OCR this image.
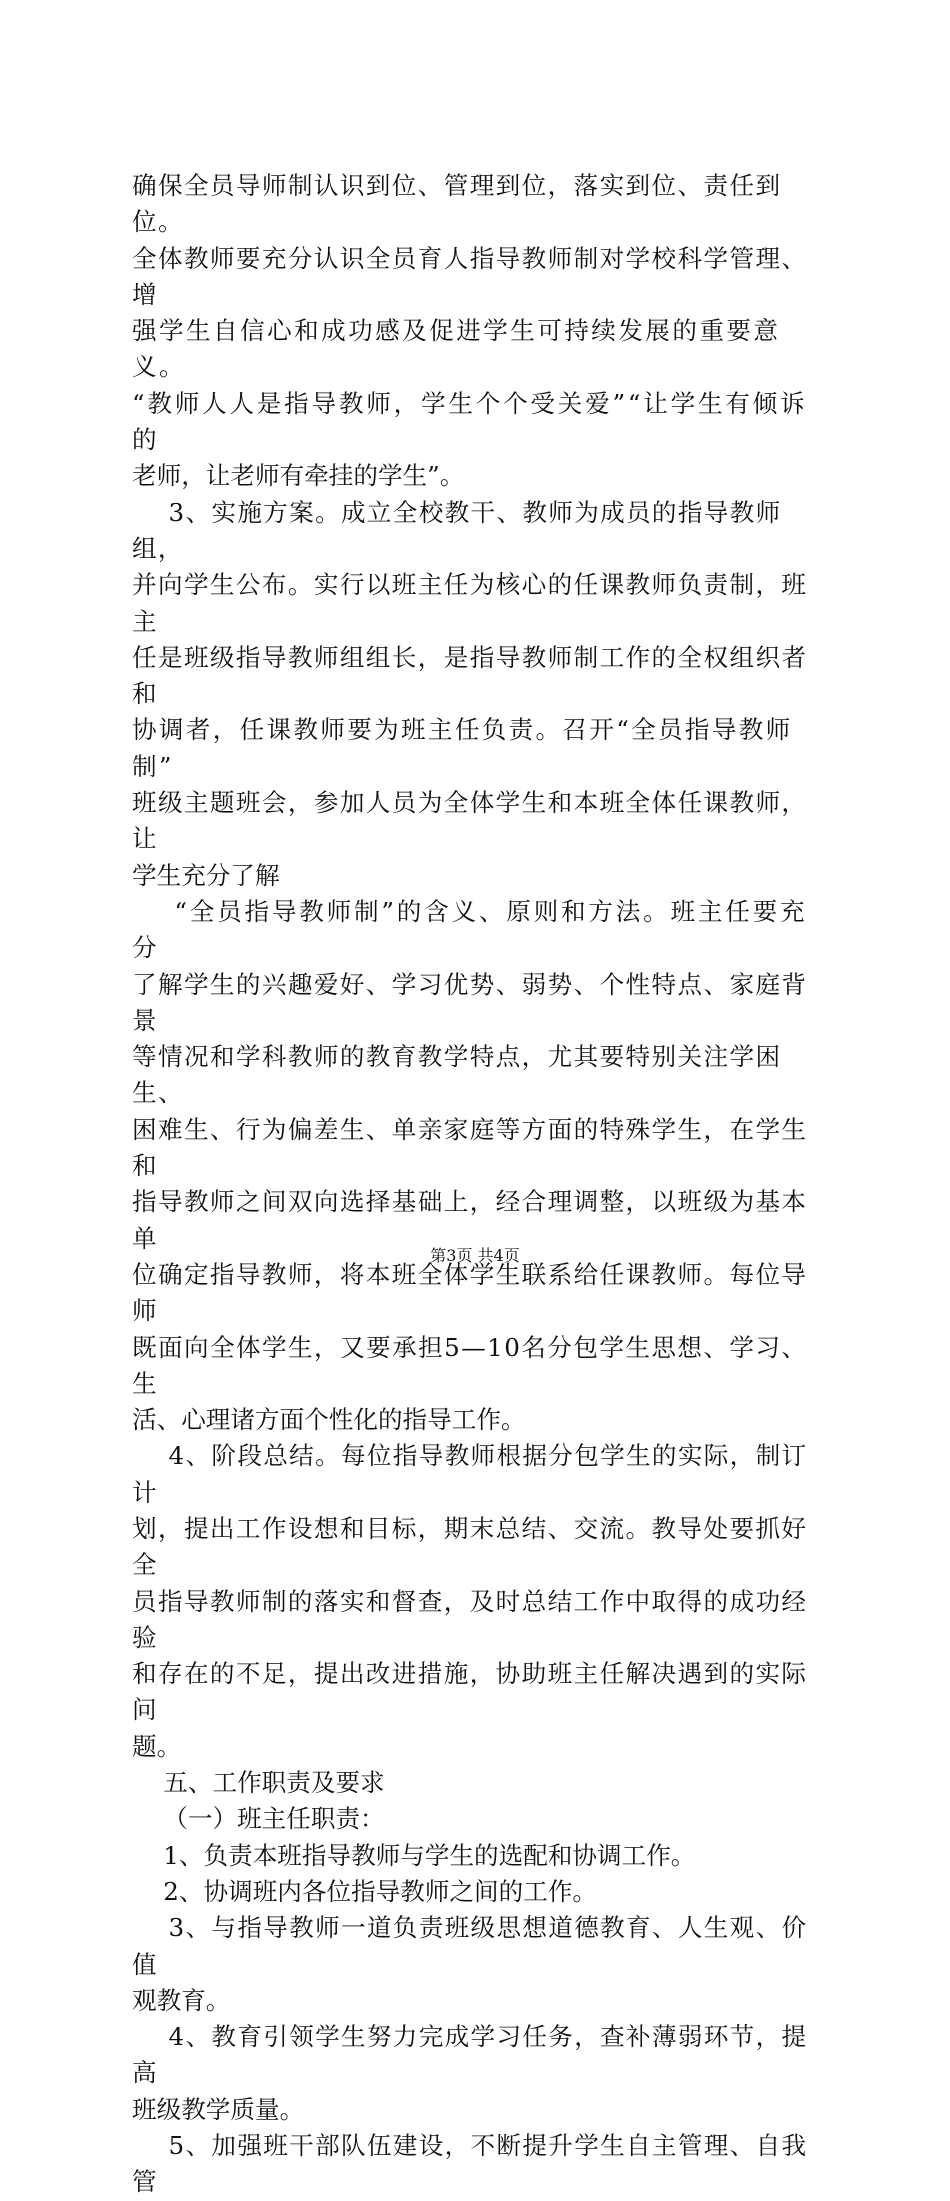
确保全员导师制认识到位、管理到位，落实到位、责任到位。

全体教师要充分认识全员育人指导教师制对学校科学管理、增

强学生自信心和成功感及促进学生可持续发展的重要意义。

“教师人人是指导教师，学生个个受关爱”“让学生有倾诉的

老师，让老师有牵挂的学生”。

3、实施方案。成立全校教干、教师为成员的指导教师组，

并向学生公布。实行以班主任为核心的任课教师负责制，班主

任是班级指导教师组组长，是指导教师制工作的全权组织者和

协调者，任课教师要为班主任负责。召开“全员指导教师制”

班级主题班会，参加人员为全体学生和本班全体任课教师，让

学生充分了解

“全员指导教师制”的含义、原则和方法。班主任要充分

了解学生的兴趣爱好、学习优势、弱势、个性特点、家庭背景

等情况和学科教师的教育教学特点，尤其要特别关注学困生、

困难生、行为偏差生、单亲家庭等方面的特殊学生，在学生和

指导教师之间双向选择基础上，经合理调整，以班级为基本单

位确定指导教师，将本班全体学生联系给任课教师。每位导师

既面向全体学生，又要承担5—10名分包学生思想、学习、生

活、心理诸方面个性化的指导工作。

4、阶段总结。每位指导教师根据分包学生的实际，制订计

划，提出工作设想和目标，期末总结、交流。教导处要抓好全

员指导教师制的落实和督查，及时总结工作中取得的成功经验

和存在的不足，提出改进措施，协助班主任解决遇到的实际问

题。

五、工作职责及要求

（一）班主任职责：

1、负责本班指导教师与学生的选配和协调工作。

2、协调班内各位指导教师之间的工作。

3、与指导教师一道负责班级思想道德教育、人生观、价值

观教育。

4、教育引领学生努力完成学习任务，查补薄弱环节，提高

班级教学质量。

5、加强班干部队伍建设，不断提升学生自主管理、自我管

第3页 共4页
